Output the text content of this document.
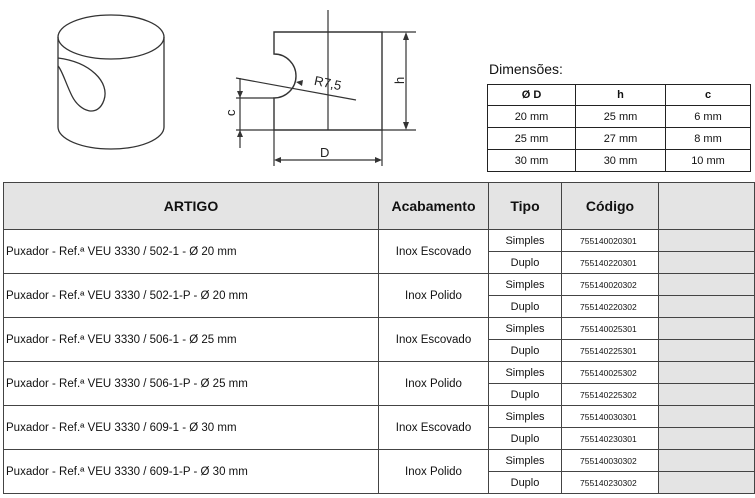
R7,5	h
c
D
Dimensões:
Ø D	h	c
20 mm	25 mm	6 mm
25 mm	27 mm	8 mm
30 mm	30 mm	10 mm
ARTIGO	Acabamento	Tipo	Código	
Puxador - Ref.ª VEU 3330 / 502-1 - Ø 20 mm	Inox Escovado	Simples	755140020301	
		Duplo	755140220301	
Puxador - Ref.ª VEU 3330 / 502-1-P - Ø 20 mm	Inox Polido	Simples	755140020302	
		Duplo	755140220302	
Puxador - Ref.ª VEU 3330 / 506-1 - Ø 25 mm	Inox Escovado	Simples	755140025301	
		Duplo	755140225301	
Puxador - Ref.ª VEU 3330 / 506-1-P - Ø 25 mm	Inox Polido	Simples	755140025302	
		Duplo	755140225302	
Puxador - Ref.ª VEU 3330 / 609-1 - Ø 30 mm	Inox Escovado	Simples	755140030301	
		Duplo	755140230301	
Puxador - Ref.ª VEU 3330 / 609-1-P - Ø 30 mm	Inox Polido	Simples	755140030302	
		Duplo	755140230302	
